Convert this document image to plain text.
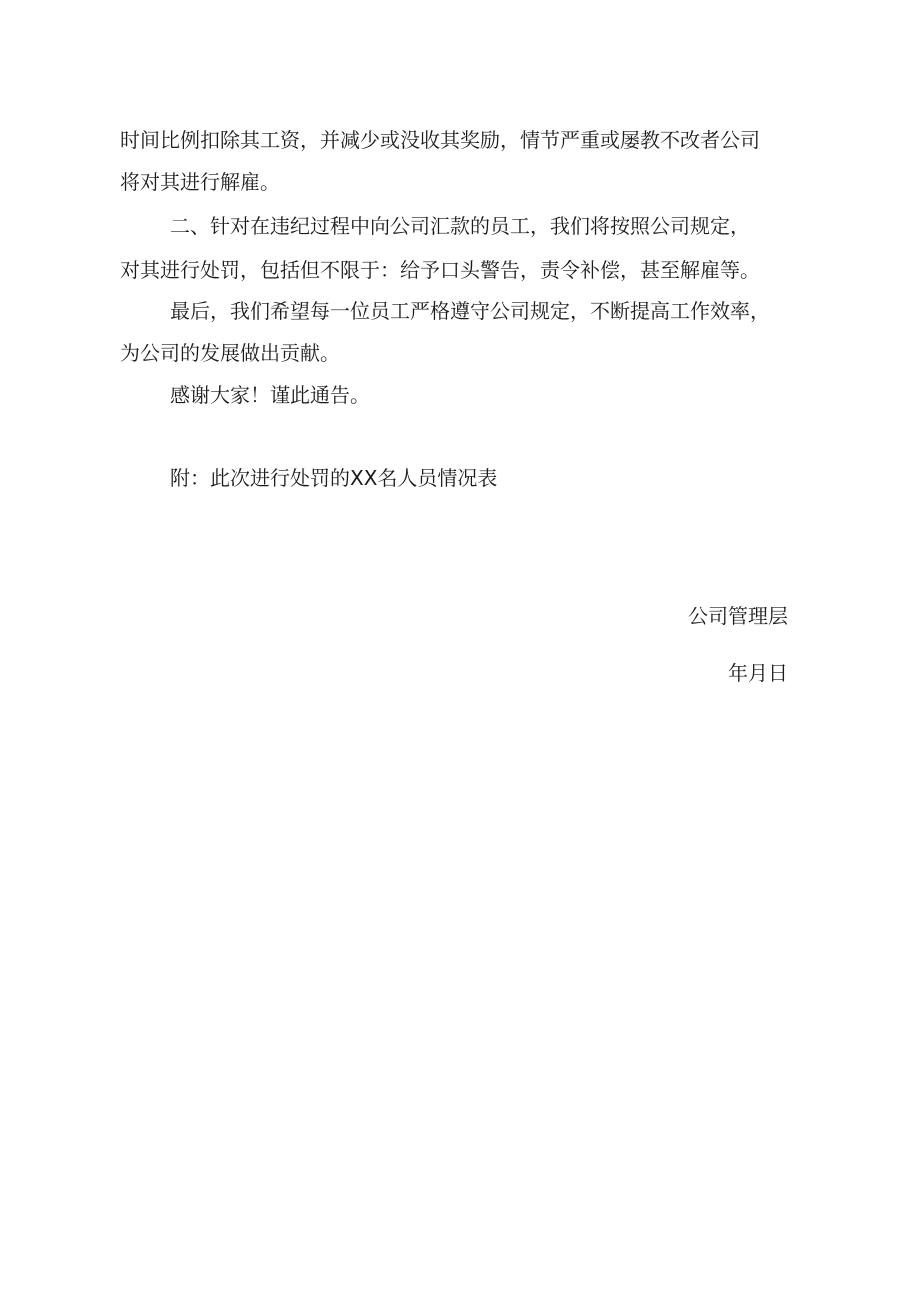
时间比例扣除其工资，并减少或没收其奖励，情节严重或屡教不改者公司
将对其进行解雇。
二、针对在违纪过程中向公司汇款的员工，我们将按照公司规定，
对其进行处罚，包括但不限于：给予口头警告，责令补偿，甚至解雇等。
最后，我们希望每一位员工严格遵守公司规定，不断提高工作效率，
为公司的发展做出贡献。
感谢大家！谨此通告。
附：此次进行处罚的XX名人员情况表
公司管理层
年月日
